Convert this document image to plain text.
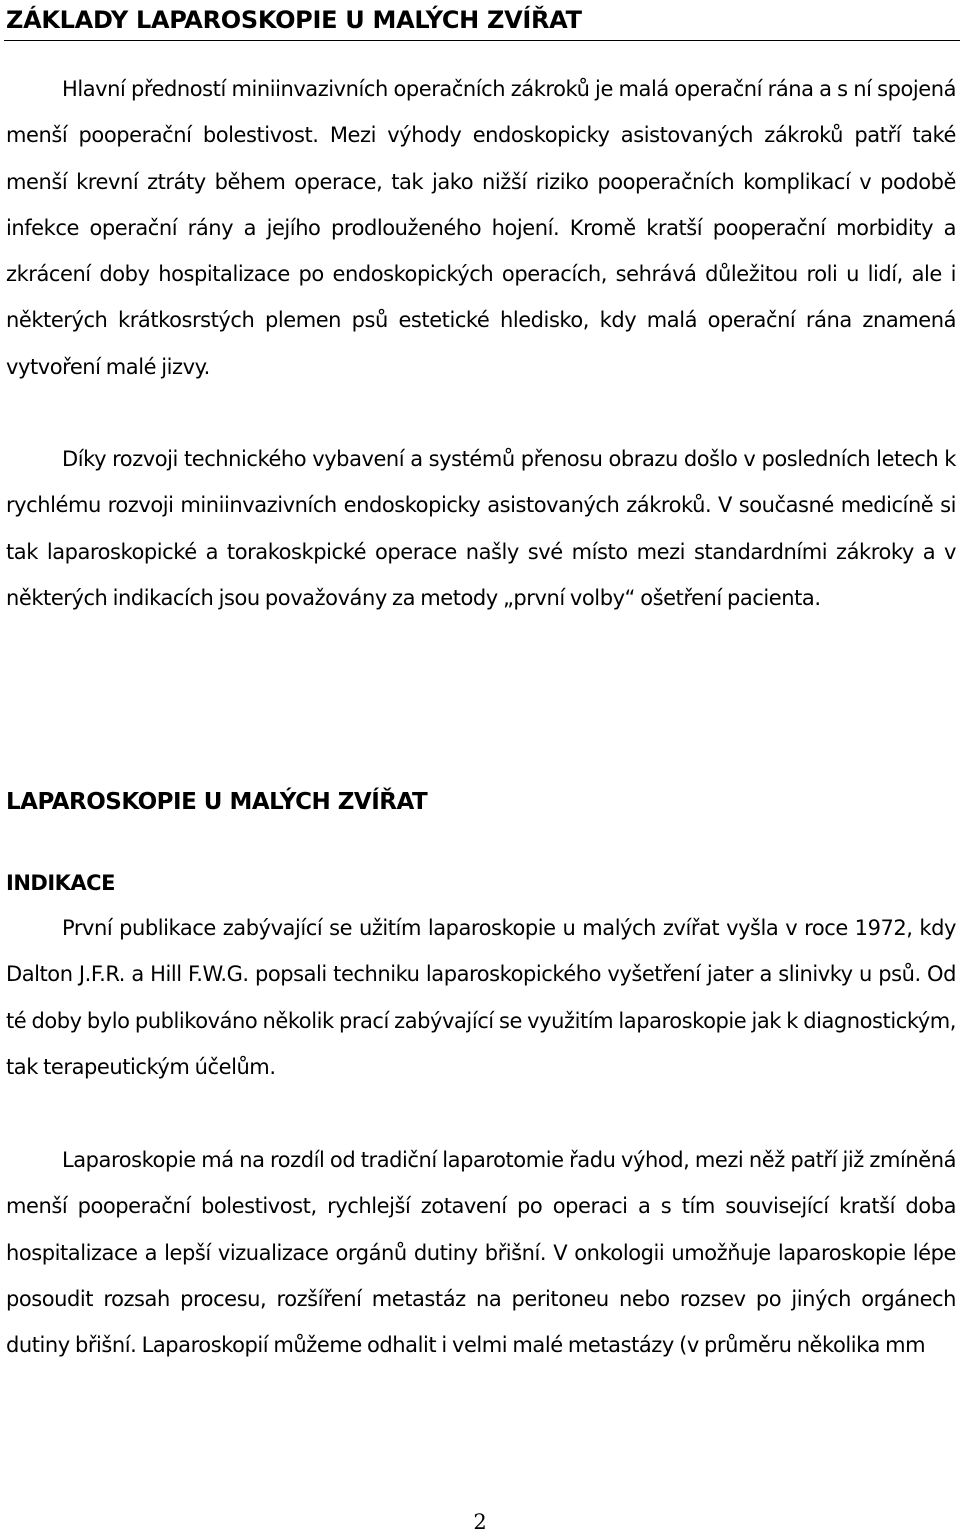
ZÁKLADY LAPAROSKOPIE U MALÝCH ZVÍŘAT

Hlavní předností miniinvazivních operačních zákroků je malá operační rána a s ní spojená menší pooperační bolestivost. Mezi výhody endoskopicky asistovaných zákroků patří také menší krevní ztráty během operace, tak jako nižší riziko pooperačních komplikací v podobě infekce operační rány a jejího prodlouženého hojení. Kromě kratší pooperační morbidity a zkrácení doby hospitalizace po endoskopických operacích, sehrává důležitou roli u lidí, ale i některých krátkosrstých plemen psů estetické hledisko, kdy malá operační rána znamená vytvoření malé jizvy.

Díky rozvoji technického vybavení a systémů přenosu obrazu došlo v posledních letech k rychlému rozvoji miniinvazivních endoskopicky asistovaných zákroků. V současné medicíně si tak laparoskopické a torakoskpické operace našly své místo mezi standardními zákroky a v některých indikacích jsou považovány za metody „první volby“ ošetření pacienta.

LAPAROSKOPIE U MALÝCH ZVÍŘAT
INDIKACE

První publikace zabývající se užitím laparoskopie u malých zvířat vyšla v roce 1972, kdy Dalton J.F.R. a Hill F.W.G. popsali techniku laparoskopického vyšetření jater a slinivky u psů. Od té doby bylo publikováno několik prací zabývající se využitím laparoskopie jak k diagnostickým, tak terapeutickým účelům.

Laparoskopie má na rozdíl od tradiční laparotomie řadu výhod, mezi něž patří již zmíněná menší pooperační bolestivost, rychlejší zotavení po operaci a s tím související kratší doba hospitalizace a lepší vizualizace orgánů dutiny břišní. V onkologii umožňuje laparoskopie lépe posoudit rozsah procesu, rozšíření metastáz na peritoneu nebo rozsev po jiných orgánech dutiny břišní. Laparoskopií můžeme odhalit i velmi malé metastázy (v průměru několika mm

2
